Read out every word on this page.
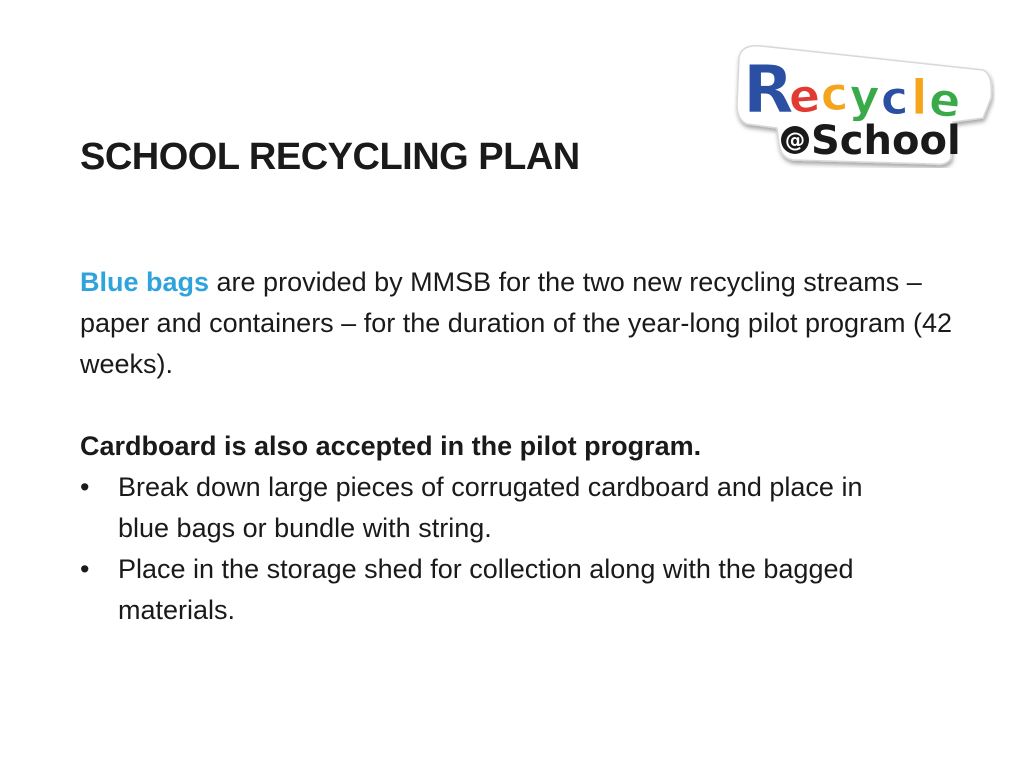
R
e
c
y c l e
@ School
SCHOOL RECYCLING PLAN

Blue bags are provided by MMSB for the two new recycling streams – paper and containers – for the duration of the year-long pilot program (42 weeks).

Cardboard is also accepted in the pilot program.

• Break down large pieces of corrugated cardboard and place in blue bags or bundle with string.
• Place in the storage shed for collection along with the bagged materials.
